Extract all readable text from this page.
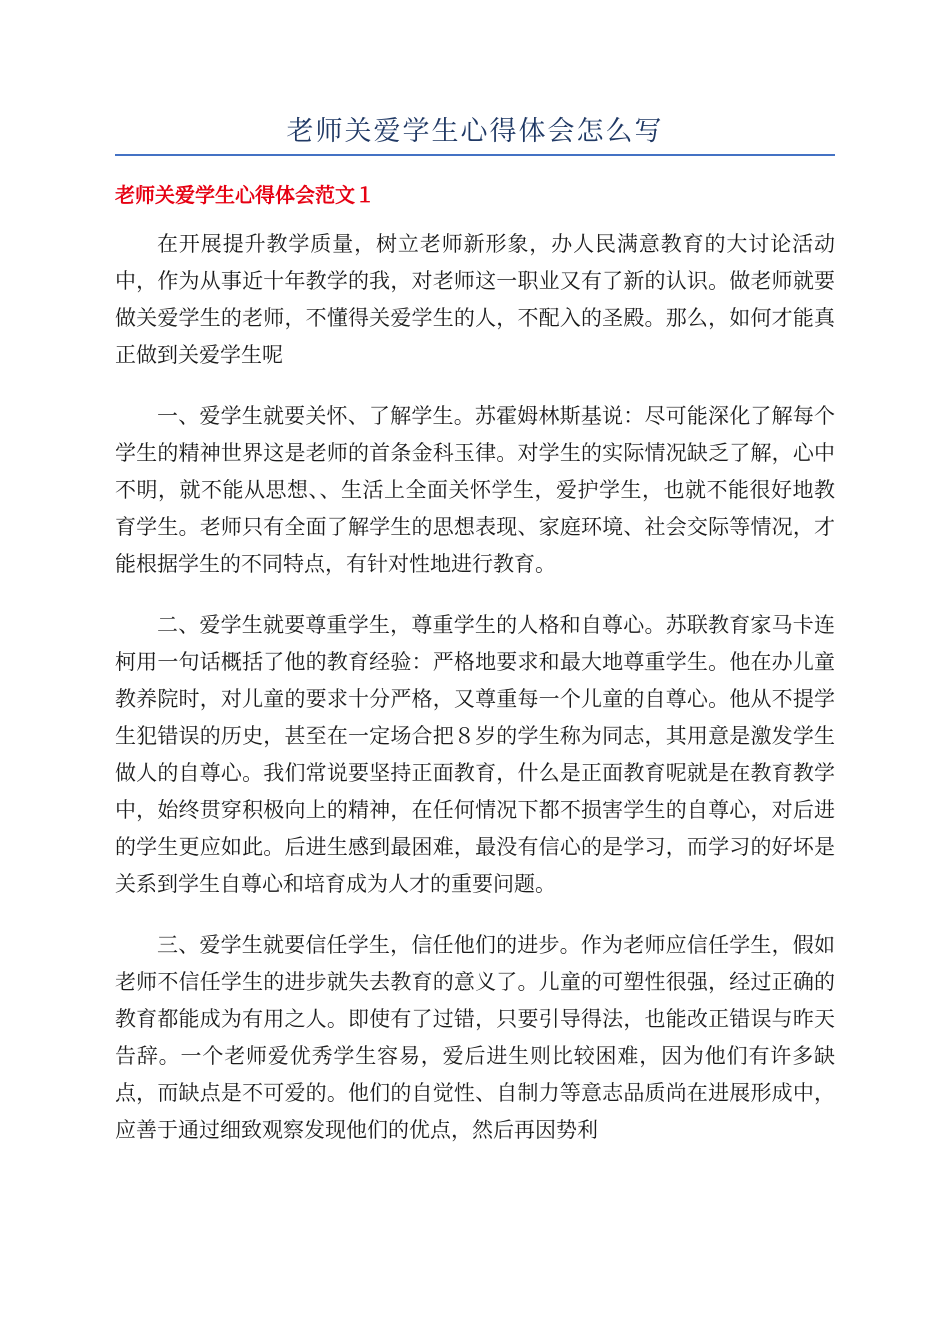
老师关爱学生心得体会怎么写
老师关爱学生心得体会范文１

在开展提升教学质量，树立老师新形象，办人民满意教育的大讨论活动中，作为从事近十年教学的我，对老师这一职业又有了新的认识。做老师就要做关爱学生的老师，不懂得关爱学生的人，不配入的圣殿。那么，如何才能真正做到关爱学生呢

一、爱学生就要关怀、了解学生。苏霍姆林斯基说：尽可能深化了解每个学生的精神世界这是老师的首条金科玉律。对学生的实际情况缺乏了解，心中不明，就不能从思想、、生活上全面关怀学生，爱护学生，也就不能很好地教育学生。老师只有全面了解学生的思想表现、家庭环境、社会交际等情况，才能根据学生的不同特点，有针对性地进行教育。

二、爱学生就要尊重学生，尊重学生的人格和自尊心。苏联教育家马卡连柯用一句话概括了他的教育经验：严格地要求和最大地尊重学生。他在办儿童教养院时，对儿童的要求十分严格，又尊重每一个儿童的自尊心。他从不提学生犯错误的历史，甚至在一定场合把８岁的学生称为同志，其用意是激发学生做人的自尊心。我们常说要坚持正面教育，什么是正面教育呢就是在教育教学中，始终贯穿积极向上的精神，在任何情况下都不损害学生的自尊心，对后进的学生更应如此。后进生感到最困难，最没有信心的是学习，而学习的好坏是关系到学生自尊心和培育成为人才的重要问题。

三、爱学生就要信任学生，信任他们的进步。作为老师应信任学生，假如老师不信任学生的进步就失去教育的意义了。儿童的可塑性很强，经过正确的教育都能成为有用之人。即使有了过错，只要引导得法，也能改正错误与昨天告辞。一个老师爱优秀学生容易，爱后进生则比较困难，因为他们有许多缺点，而缺点是不可爱的。他们的自觉性、自制力等意志品质尚在进展形成中，应善于通过细致观察发现他们的优点，然后再因势利
